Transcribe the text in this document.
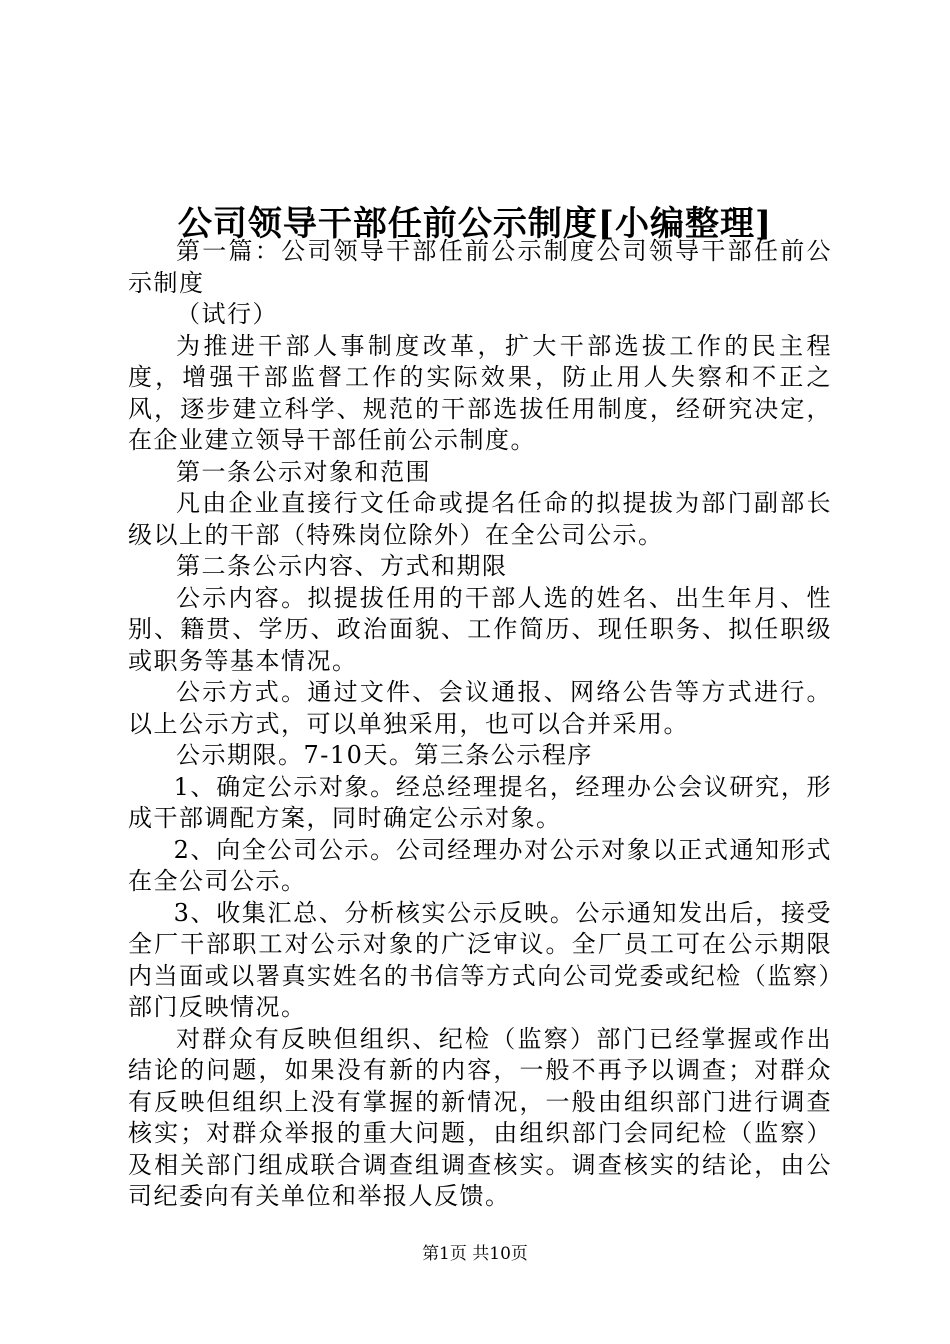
公司领导干部任前公示制度[小编整理]

第一篇：公司领导干部任前公示制度公司领导干部任前公示制度

（试行）

为推进干部人事制度改革，扩大干部选拔工作的民主程度，增强干部监督工作的实际效果，防止用人失察和不正之风，逐步建立科学、规范的干部选拔任用制度，经研究决定，在企业建立领导干部任前公示制度。

第一条公示对象和范围

凡由企业直接行文任命或提名任命的拟提拔为部门副部长级以上的干部（特殊岗位除外）在全公司公示。

第二条公示内容、方式和期限

公示内容。拟提拔任用的干部人选的姓名、出生年月、性别、籍贯、学历、政治面貌、工作简历、现任职务、拟任职级或职务等基本情况。

公示方式。通过文件、会议通报、网络公告等方式进行。以上公示方式，可以单独采用，也可以合并采用。

公示期限。7-10天。第三条公示程序

1、确定公示对象。经总经理提名，经理办公会议研究，形成干部调配方案，同时确定公示对象。

2、向全公司公示。公司经理办对公示对象以正式通知形式在全公司公示。

3、收集汇总、分析核实公示反映。公示通知发出后，接受全厂干部职工对公示对象的广泛审议。全厂员工可在公示期限内当面或以署真实姓名的书信等方式向公司党委或纪检（监察）部门反映情况。

对群众有反映但组织、纪检（监察）部门已经掌握或作出结论的问题，如果没有新的内容，一般不再予以调查；对群众有反映但组织上没有掌握的新情况，一般由组织部门进行调查核实；对群众举报的重大问题，由组织部门会同纪检（监察）及相关部门组成联合调查组调查核实。调查核实的结论，由公司纪委向有关单位和举报人反馈。

第1页 共10页
